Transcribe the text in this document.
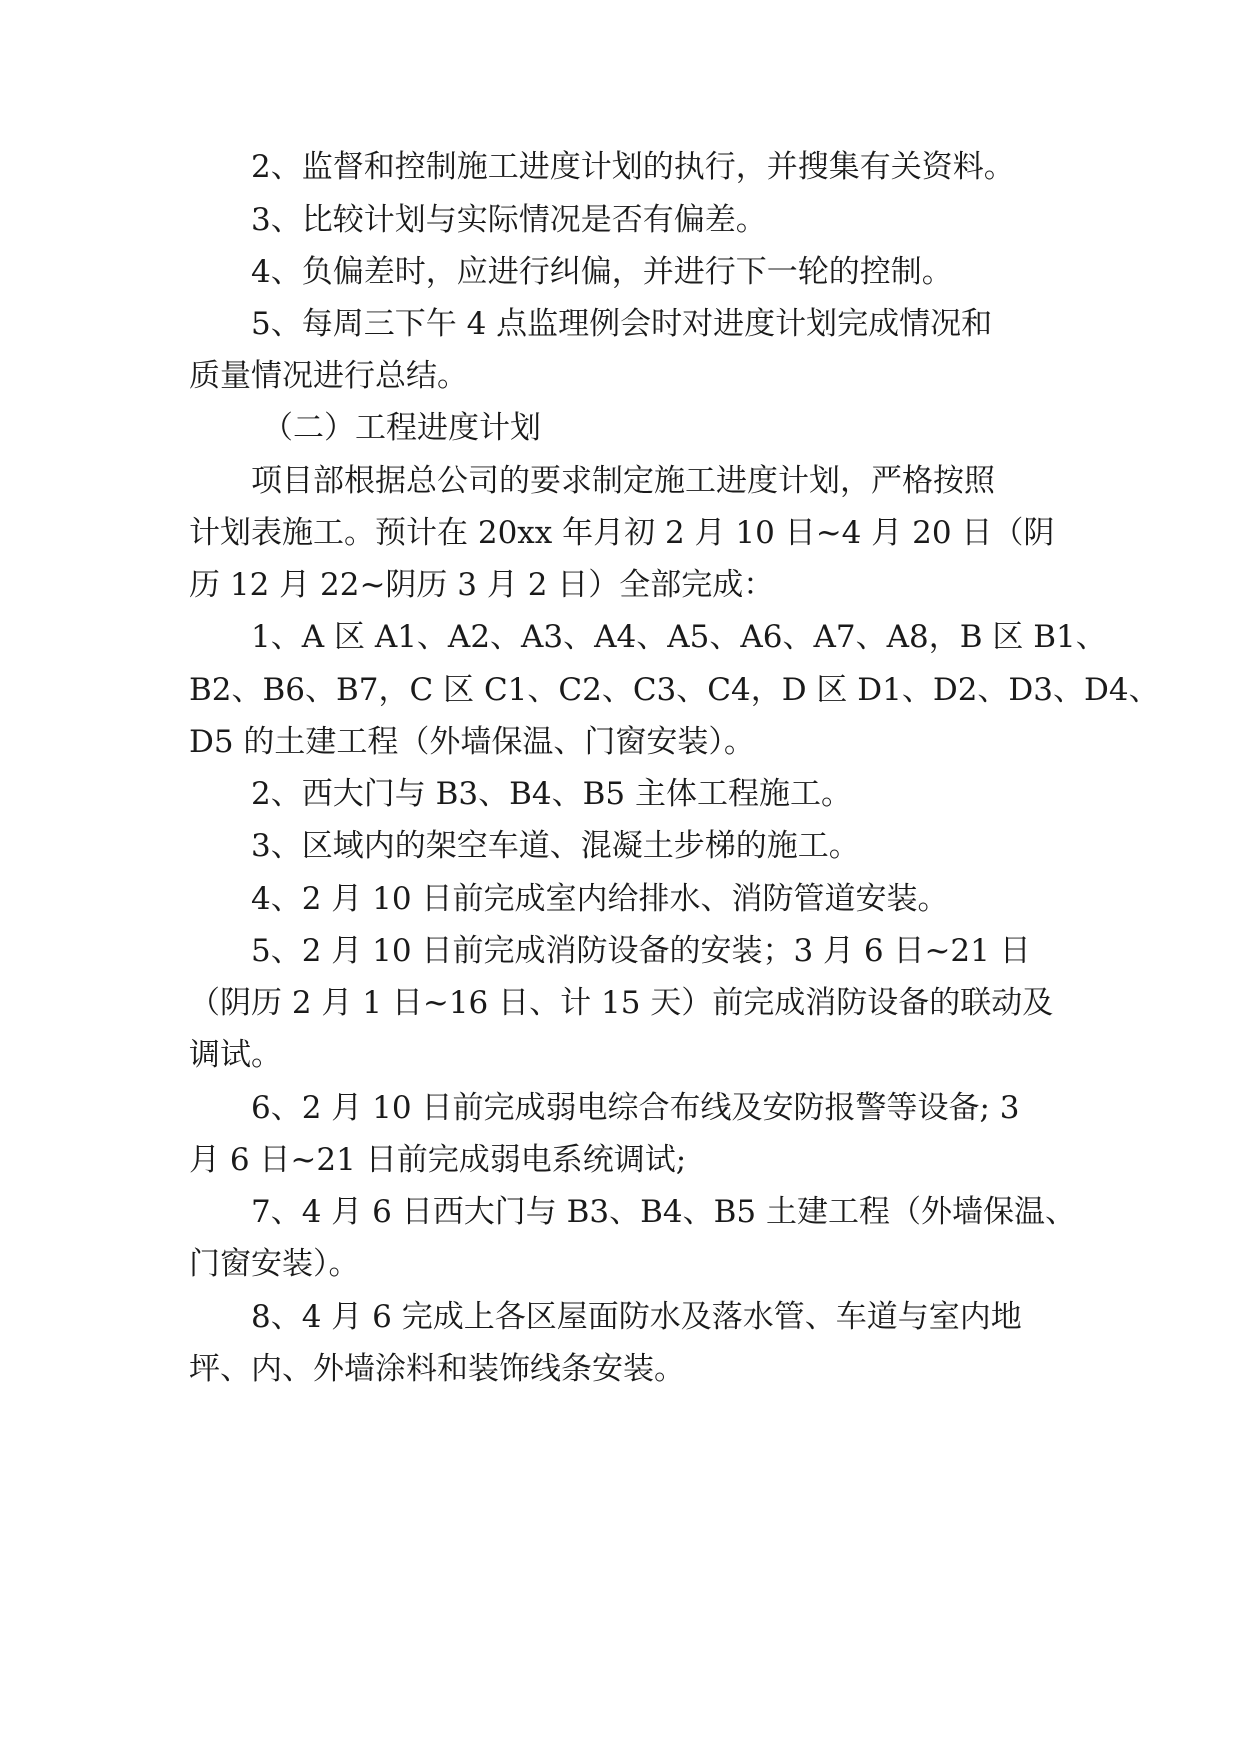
2、监督和控制施工进度计划的执行，并搜集有关资料。
3、比较计划与实际情况是否有偏差。
4、负偏差时，应进行纠偏，并进行下一轮的控制。
5、每周三下午 4 点监理例会时对进度计划完成情况和
质量情况进行总结。
（二）工程进度计划
项目部根据总公司的要求制定施工进度计划，严格按照
计划表施工。预计在 20xx 年月初 2 月 10 日~4 月 20 日（阴
历 12 月 22~阴历 3 月 2 日）全部完成：
1、A 区 A1、A2、A3、A4、A5、A6、A7、A8，B 区 B1、
B2、B6、B7，C 区 C1、C2、C3、C4，D 区 D1、D2、D3、D4、
D5 的土建工程（外墙保温、门窗安装）。
2、西大门与 B3、B4、B5 主体工程施工。
3、区域内的架空车道、混凝土步梯的施工。
4、2 月 10 日前完成室内给排水、消防管道安装。
5、2 月 10 日前完成消防设备的安装；3 月 6 日~21 日
（阴历 2 月 1 日~16 日、计 15 天）前完成消防设备的联动及
调试。
6、2 月 10 日前完成弱电综合布线及安防报警等设备; 3
月 6 日~21 日前完成弱电系统调试;
7、4 月 6 日西大门与 B3、B4、B5 土建工程（外墙保温、
门窗安装）。
8、4 月 6 完成上各区屋面防水及落水管、车道与室内地
坪、内、外墙涂料和装饰线条安装。
